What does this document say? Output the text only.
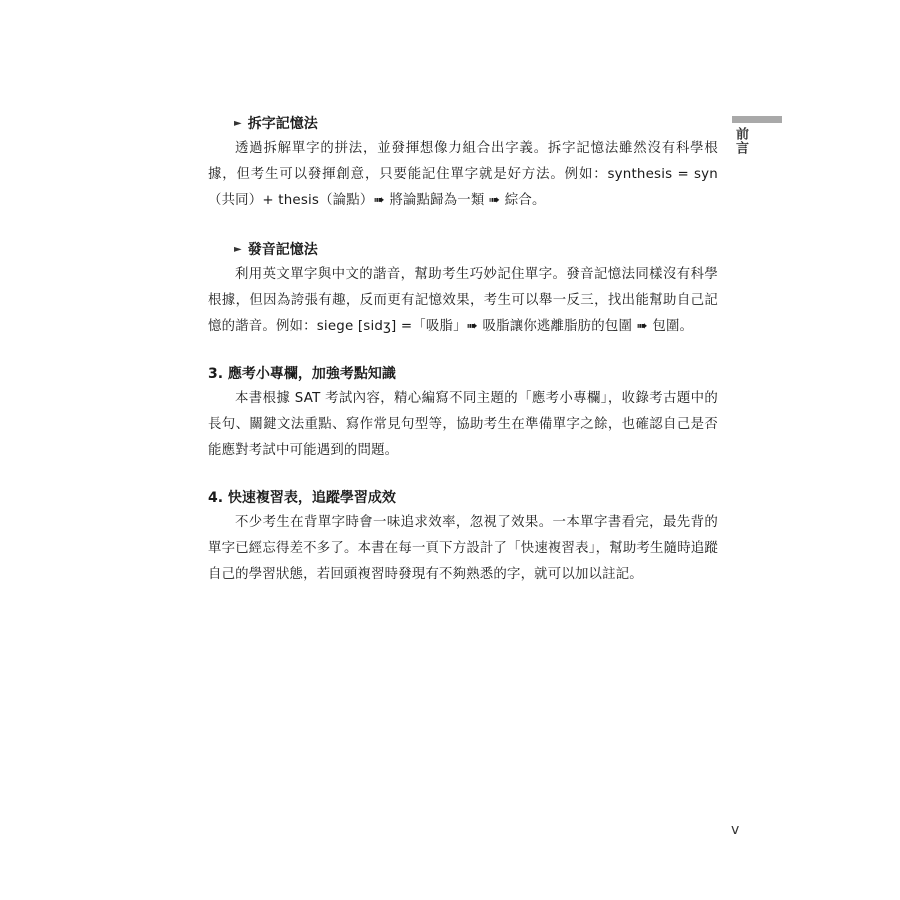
前言
► 拆字記憶法

透過拆解單字的拼法，並發揮想像力組合出字義。拆字記憶法雖然沒有科學根據，但考生可以發揮創意，只要能記住單字就是好方法。例如：synthesis = syn（共同）+ thesis（論點）➠ 將論點歸為一類 ➠ 綜合。

► 發音記憶法

利用英文單字與中文的諧音，幫助考生巧妙記住單字。發音記憶法同樣沒有科學根據，但因為誇張有趣，反而更有記憶效果，考生可以舉一反三，找出能幫助自己記憶的諧音。例如：siege [sidʒ] =「吸脂」➠ 吸脂讓你逃離脂肪的包圍 ➠ 包圍。

3. 應考小專欄，加強考點知識

本書根據 SAT 考試內容，精心編寫不同主題的「應考小專欄」，收錄考古題中的長句、關鍵文法重點、寫作常見句型等，協助考生在準備單字之餘，也確認自己是否能應對考試中可能遇到的問題。

4. 快速複習表，追蹤學習成效

不少考生在背單字時會一味追求效率，忽視了效果。一本單字書看完，最先背的單字已經忘得差不多了。本書在每一頁下方設計了「快速複習表」，幫助考生隨時追蹤自己的學習狀態，若回頭複習時發現有不夠熟悉的字，就可以加以註記。

v
